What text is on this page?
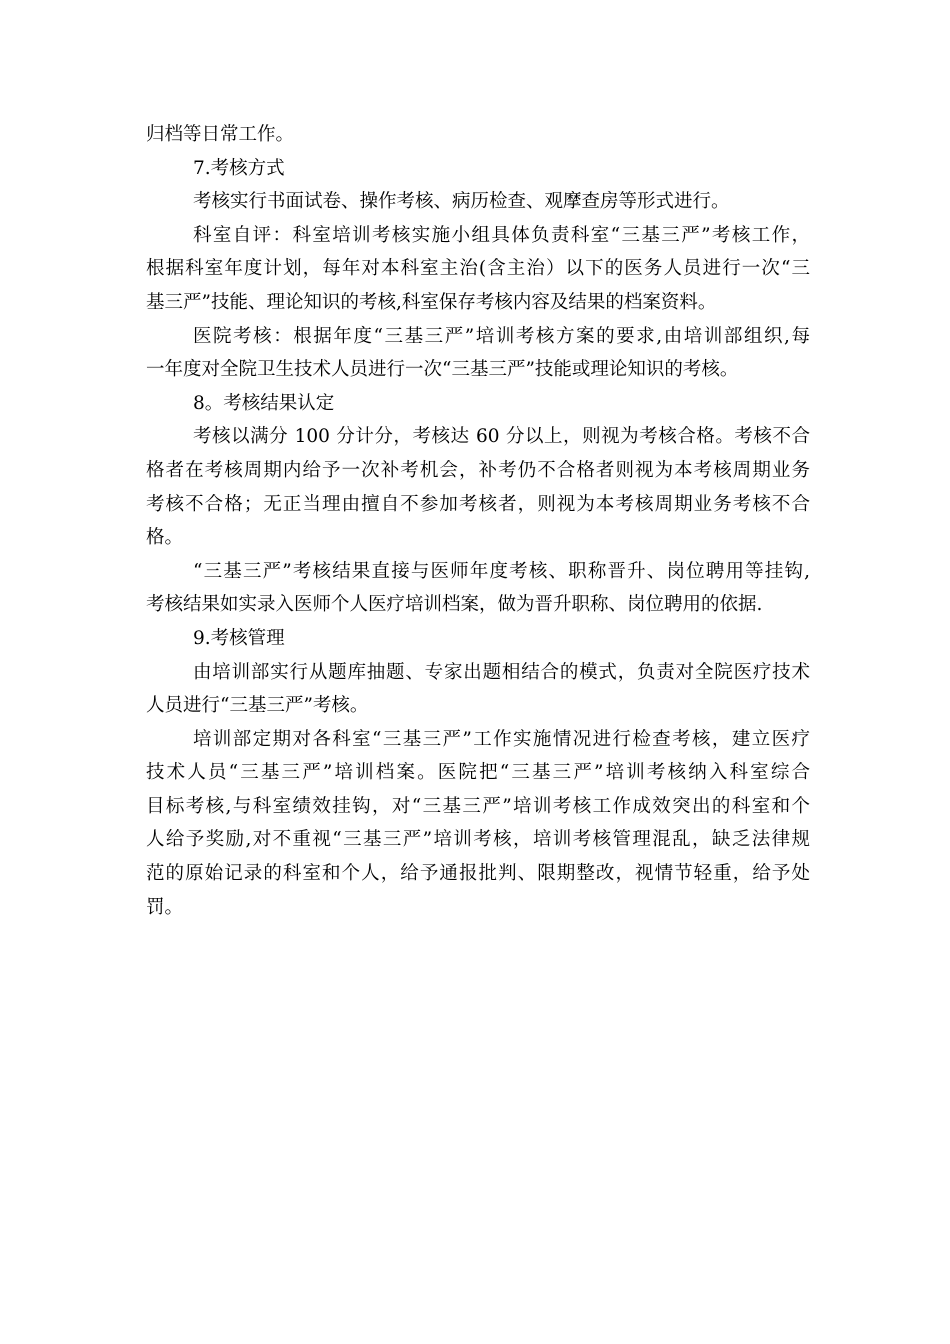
归档等日常工作。
7.考核方式
考核实行书面试卷、操作考核、病历检查、观摩查房等形式进行。
科室自评：科室培训考核实施小组具体负责科室“三基三严”考核工作，
根据科室年度计划，每年对本科室主治(含主治）以下的医务人员进行一次“三
基三严”技能、理论知识的考核,科室保存考核内容及结果的档案资料。
医院考核：根据年度“三基三严”培训考核方案的要求,由培训部组织,每
一年度对全院卫生技术人员进行一次“三基三严”技能或理论知识的考核。
8。考核结果认定
考核以满分 100 分计分，考核达 60 分以上，则视为考核合格。考核不合
格者在考核周期内给予一次补考机会，补考仍不合格者则视为本考核周期业务
考核不合格；无正当理由擅自不参加考核者，则视为本考核周期业务考核不合
格。
“三基三严”考核结果直接与医师年度考核、职称晋升、岗位聘用等挂钩,
考核结果如实录入医师个人医疗培训档案，做为晋升职称、岗位聘用的依据.
9.考核管理
由培训部实行从题库抽题、专家出题相结合的模式，负责对全院医疗技术
人员进行“三基三严”考核。
培训部定期对各科室“三基三严”工作实施情况进行检查考核，建立医疗
技术人员“三基三严”培训档案。医院把“三基三严”培训考核纳入科室综合
目标考核,与科室绩效挂钩，对“三基三严”培训考核工作成效突出的科室和个
人给予奖励,对不重视“三基三严”培训考核，培训考核管理混乱，缺乏法律规
范的原始记录的科室和个人，给予通报批判、限期整改，视情节轻重，给予处
罚。
